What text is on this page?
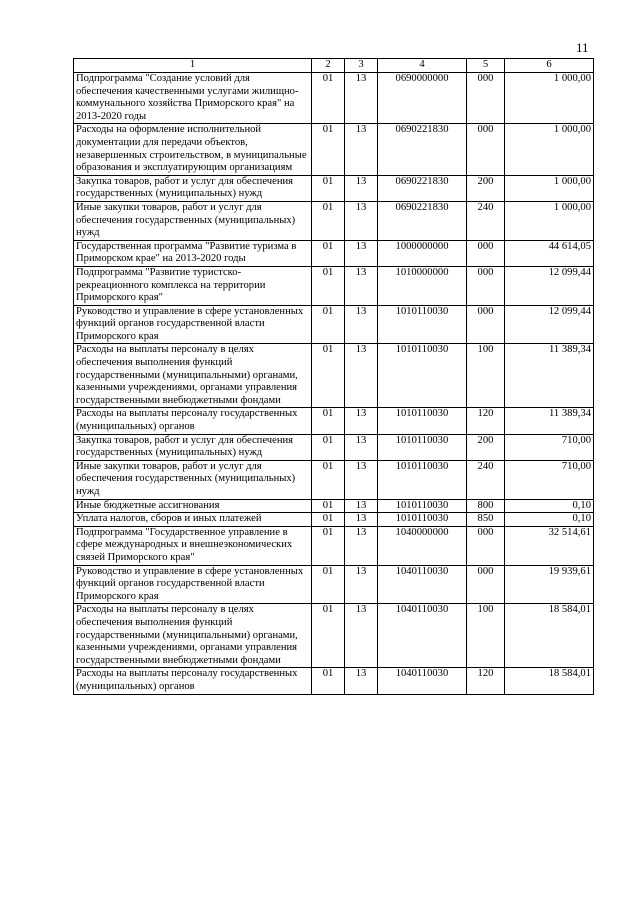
11
1	2	3	4	5	6
Подпрограмма "Создание условий для обеспечения качественными услугами жилищно-коммунального хозяйства Приморского края" на 2013-2020 годы	01	13	0690000000	000	1 000,00
Расходы на оформление исполнительной документации для передачи объектов, незавершенных строительством, в муниципальные образования и эксплуатирующим организациям	01	13	0690221830	000	1 000,00
Закупка товаров, работ и услуг для обеспечения государственных (муниципальных) нужд	01	13	0690221830	200	1 000,00
Иные закупки товаров, работ и услуг для обеспечения государственных (муниципальных) нужд	01	13	0690221830	240	1 000,00
Государственная программа "Развитие туризма в Приморском крае" на 2013-2020 годы	01	13	1000000000	000	44 614,05
Подпрограмма "Развитие туристско-рекреационного комплекса на территории Приморского края"	01	13	1010000000	000	12 099,44
Руководство и управление в сфере установленных функций органов государственной власти Приморского края	01	13	1010110030	000	12 099,44
Расходы на выплаты персоналу в целях обеспечения выполнения функций государственными (муниципальными) органами, казенными учреждениями, органами управления государственными внебюджетными фондами	01	13	1010110030	100	11 389,34
Расходы на выплаты персоналу государственных (муниципальных) органов	01	13	1010110030	120	11 389,34
Закупка товаров, работ и услуг для обеспечения государственных (муниципальных) нужд	01	13	1010110030	200	710,00
Иные закупки товаров, работ и услуг для обеспечения государственных (муниципальных) нужд	01	13	1010110030	240	710,00
Иные бюджетные ассигнования	01	13	1010110030	800	0,10
Уплата налогов, сборов и иных платежей	01	13	1010110030	850	0,10
Подпрограмма "Государственное управление в сфере международных и внешнеэкономических связей Приморского края"	01	13	1040000000	000	32 514,61
Руководство и управление в сфере установленных функций органов государственной власти Приморского края	01	13	1040110030	000	19 939,61
Расходы на выплаты персоналу в целях обеспечения выполнения функций государственными (муниципальными) органами, казенными учреждениями, органами управления государственными внебюджетными фондами	01	13	1040110030	100	18 584,01
Расходы на выплаты персоналу государственных (муниципальных) органов	01	13	1040110030	120	18 584,01
